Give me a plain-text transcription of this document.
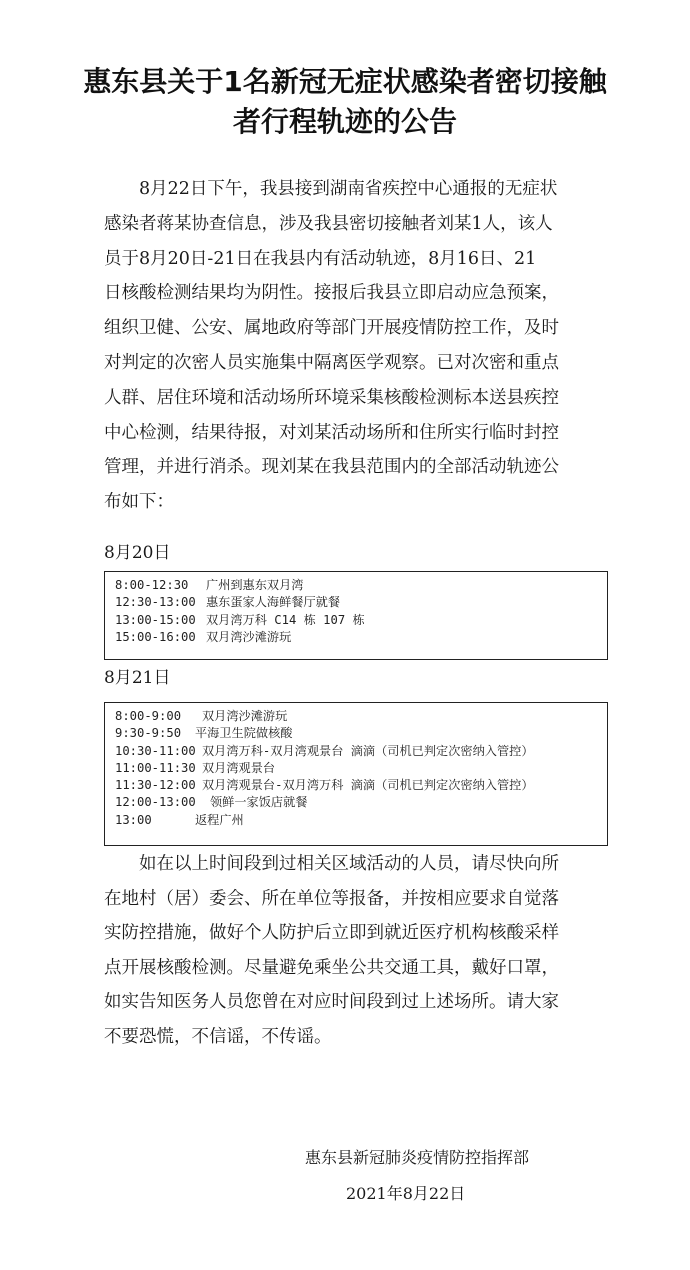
惠东县关于1名新冠无症状感染者密切接触
者行程轨迹的公告
　　8月22日下午，我县接到湖南省疾控中心通报的无症状
感染者蒋某协查信息，涉及我县密切接触者刘某1人，该人
员于8月20日-21日在我县内有活动轨迹，8月16日、21
日核酸检测结果均为阴性。接报后我县立即启动应急预案，
组织卫健、公安、属地政府等部门开展疫情防控工作，及时
对判定的次密人员实施集中隔离医学观察。已对次密和重点
人群、居住环境和活动场所环境采集核酸检测标本送县疾控
中心检测，结果待报，对刘某活动场所和住所实行临时封控
管理，并进行消杀。现刘某在我县范围内的全部活动轨迹公
布如下：

8月20日

8:00-12:30 广州到惠东双月湾
12:30-13:00 惠东蛋家人海鲜餐厅就餐
13:00-15:00 双月湾万科 C14 栋 107 栋
15:00-16:00 双月湾沙滩游玩

8月21日

8:00-9:00 双月湾沙滩游玩
9:30-9:50 平海卫生院做核酸
10:30-11:00 双月湾万科-双月湾观景台 滴滴（司机已判定次密纳入管控）
11:00-11:30 双月湾观景台
11:30-12:00 双月湾观景台-双月湾万科 滴滴（司机已判定次密纳入管控）
12:00-13:00 领鲜一家饭店就餐
13:00	返程广州
　　如在以上时间段到过相关区域活动的人员，请尽快向所
在地村（居）委会、所在单位等报备，并按相应要求自觉落
实防控措施，做好个人防护后立即到就近医疗机构核酸采样
点开展核酸检测。尽量避免乘坐公共交通工具，戴好口罩，
如实告知医务人员您曾在对应时间段到过上述场所。请大家
不要恐慌，不信谣，不传谣。
惠东县新冠肺炎疫情防控指挥部
2021年8月22日
